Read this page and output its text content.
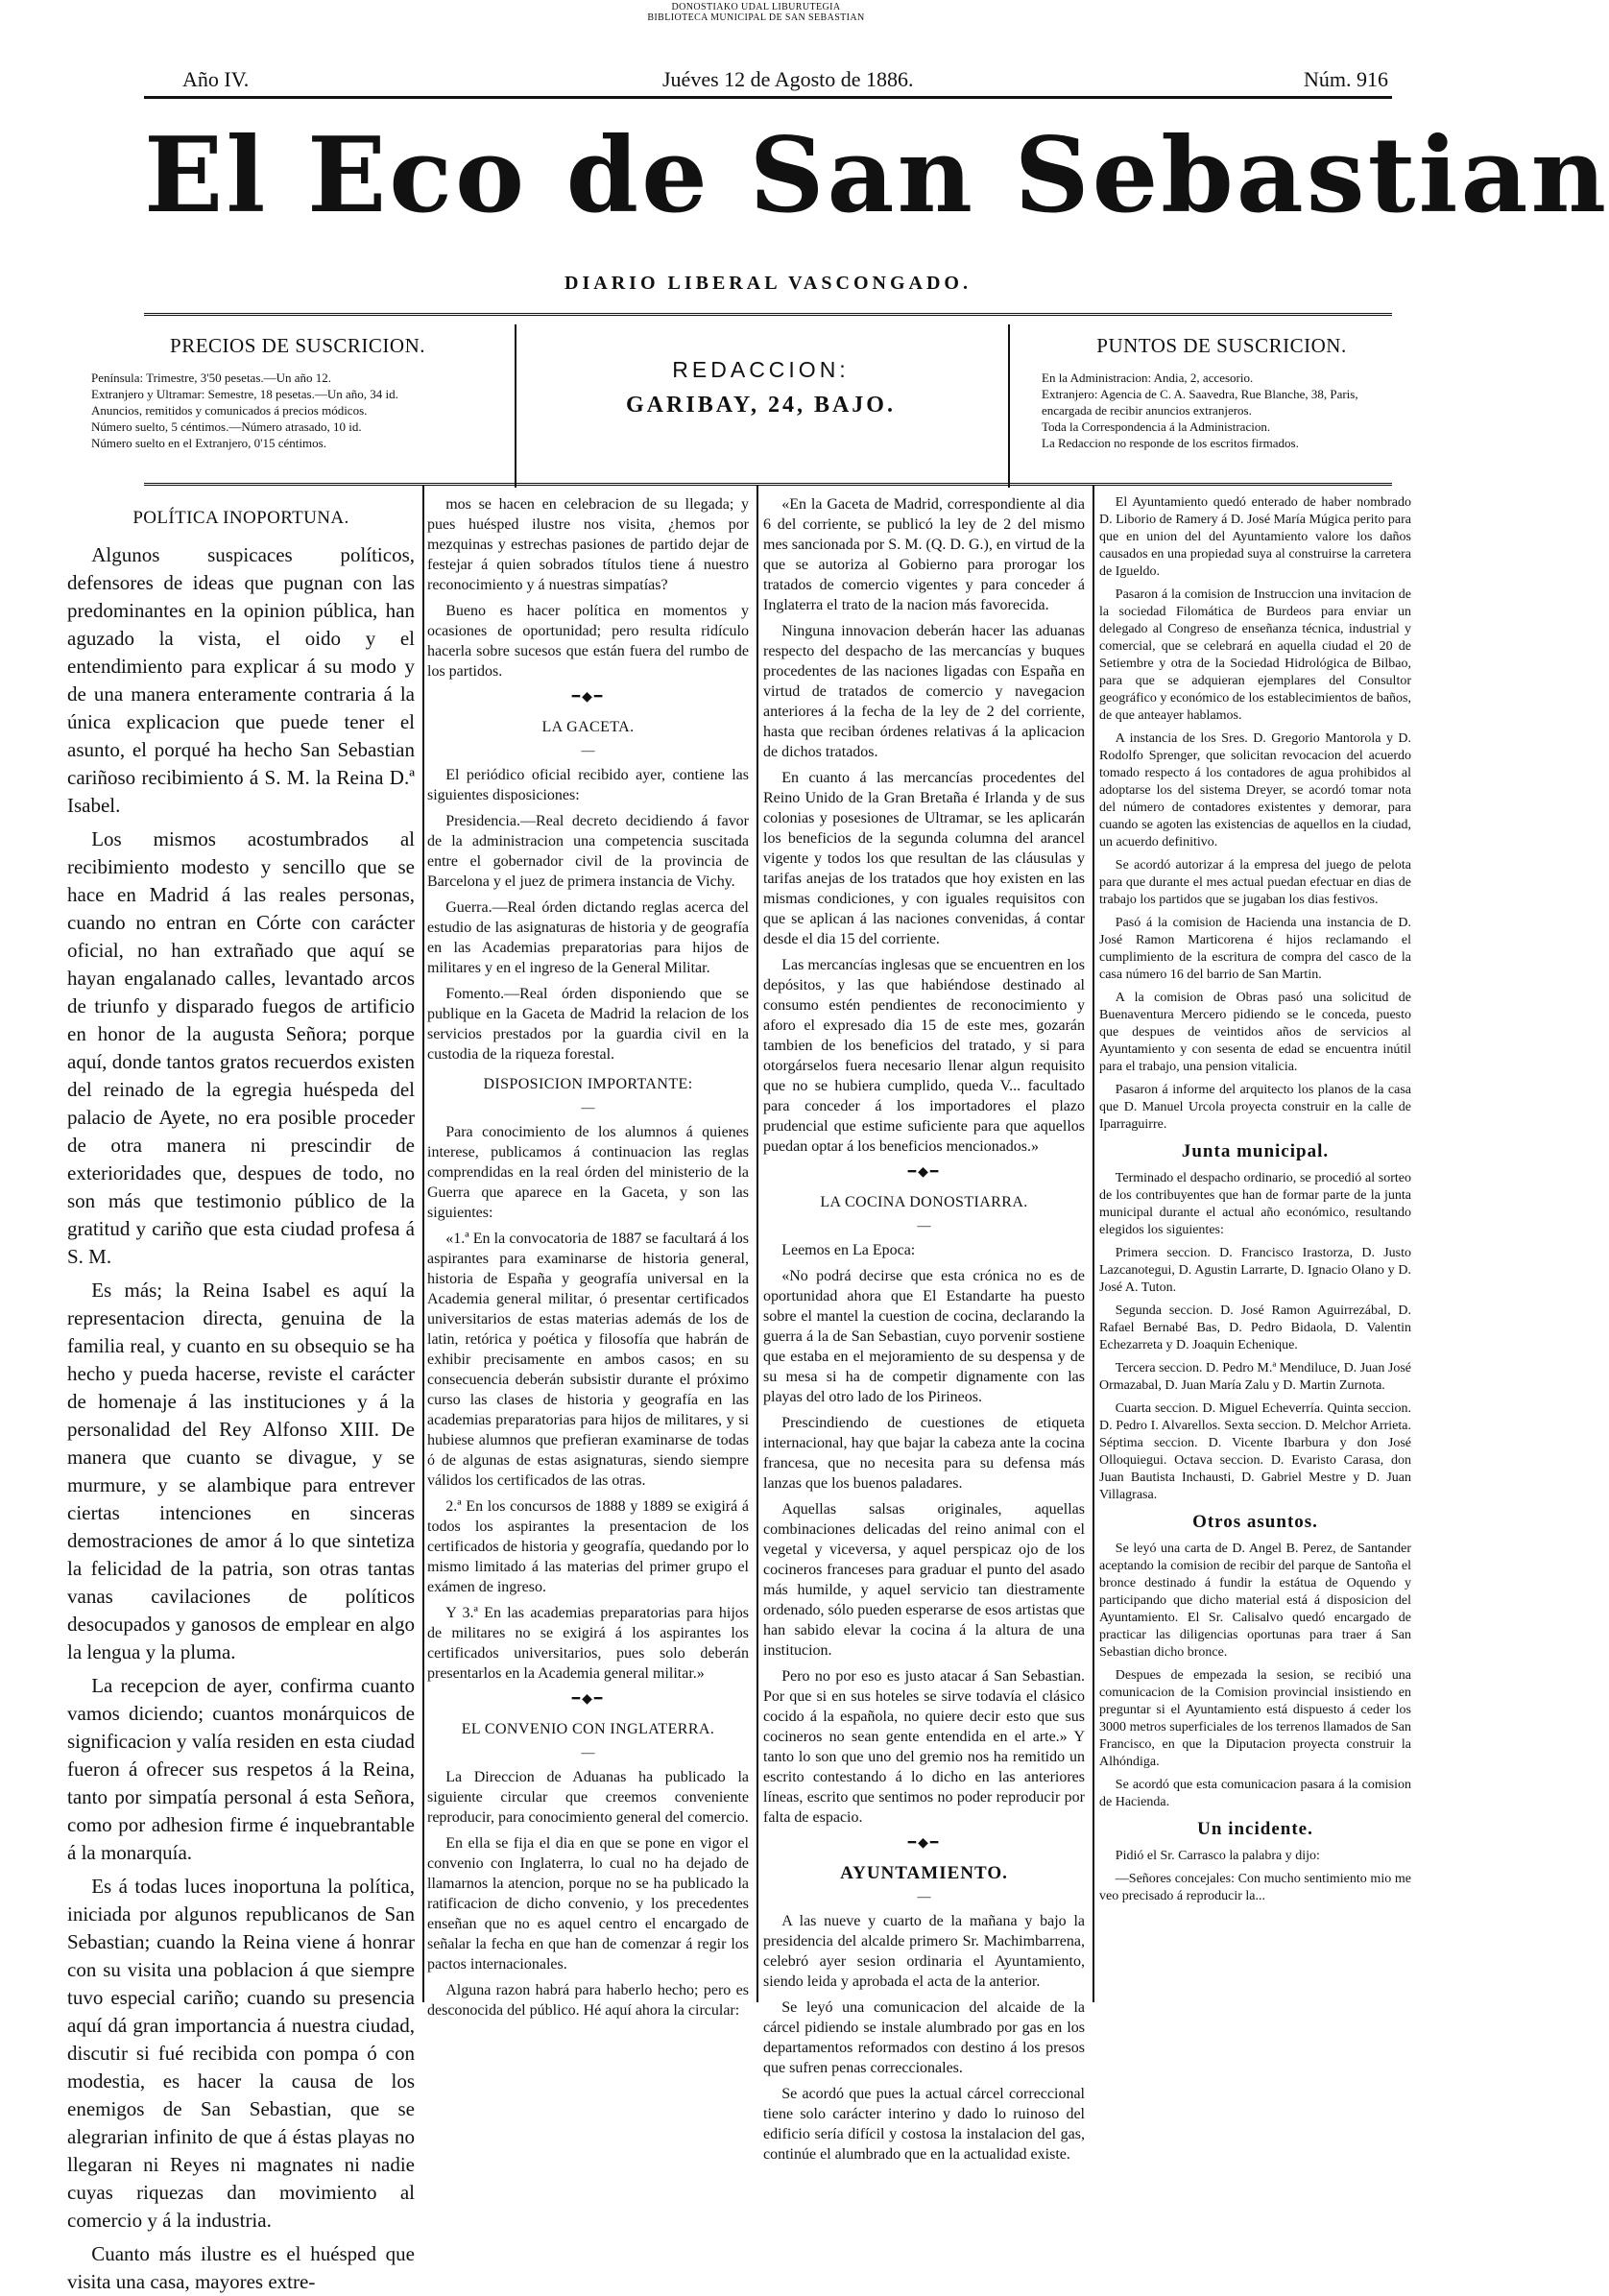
DONOSTIAKO UDAL LIBURUTEGIA
BIBLIOTECA MUNICIPAL DE SAN SEBASTIAN
Año IV.	Juéves 12 de Agosto de 1886.	Núm. 916
El Eco de San Sebastian
DIARIO LIBERAL VASCONGADO.
PRECIOS DE SUSCRICION.

Península: Trimestre, 3'50 pesetas.—Un año 12.

Extranjero y Ultramar: Semestre, 18 pesetas.—Un año, 34 id.

Anuncios, remitidos y comunicados á precios módicos.

Número suelto, 5 céntimos.—Número atrasado, 10 id.

Número suelto en el Extranjero, 0'15 céntimos.

REDACCION:
GARIBAY, 24, BAJO.
PUNTOS DE SUSCRICION.

En la Administracion: Andia, 2, accesorio.

Extranjero: Agencia de C. A. Saavedra, Rue Blanche, 38, Paris, encargada de recibir anuncios extranjeros.

Toda la Correspondencia á la Administracion.

La Redaccion no responde de los escritos firmados.

POLÍTICA INOPORTUNA.

Algunos suspicaces políticos, defensores de ideas que pugnan con las predominantes en la opinion pública, han aguzado la vista, el oido y el entendimiento para explicar á su modo y de una manera enteramente contraria á la única explicacion que puede tener el asunto, el porqué ha hecho San Sebastian cariñoso recibimiento á S. M. la Reina D.ª Isabel.

Los mismos acostumbrados al recibimiento modesto y sencillo que se hace en Madrid á las reales personas, cuando no entran en Córte con carácter oficial, no han extrañado que aquí se hayan engalanado calles, levantado arcos de triunfo y disparado fuegos de artificio en honor de la augusta Señora; porque aquí, donde tantos gratos recuerdos existen del reinado de la egregia huéspeda del palacio de Ayete, no era posible proceder de otra manera ni prescindir de exterioridades que, despues de todo, no son más que testimonio público de la gratitud y cariño que esta ciudad profesa á S. M.

Es más; la Reina Isabel es aquí la representacion directa, genuina de la familia real, y cuanto en su obsequio se ha hecho y pueda hacerse, reviste el carácter de homenaje á las instituciones y á la personalidad del Rey Alfonso XIII. De manera que cuanto se divague, y se murmure, y se alambique para entrever ciertas intenciones en sinceras demostraciones de amor á lo que sintetiza la felicidad de la patria, son otras tantas vanas cavilaciones de políticos desocupados y ganosos de emplear en algo la lengua y la pluma.

La recepcion de ayer, confirma cuanto vamos diciendo; cuantos monárquicos de significacion y valía residen en esta ciudad fueron á ofrecer sus respetos á la Reina, tanto por simpatía personal á esta Señora, como por adhesion firme é inquebrantable á la monarquía.

Es á todas luces inoportuna la política, iniciada por algunos republicanos de San Sebastian; cuando la Reina viene á honrar con su visita una poblacion á que siempre tuvo especial cariño; cuando su presencia aquí dá gran importancia á nuestra ciudad, discutir si fué recibida con pompa ó con modestia, es hacer la causa de los enemigos de San Sebastian, que se alegrarian infinito de que á éstas playas no llegaran ni Reyes ni magnates ni nadie cuyas riquezas dan movimiento al comercio y á la industria.

Cuanto más ilustre es el huésped que visita una casa, mayores extre-

mos se hacen en celebracion de su llegada; y pues huésped ilustre nos visita, ¿hemos por mezquinas y estrechas pasiones de partido dejar de festejar á quien sobrados títulos tiene á nuestro reconocimiento y á nuestras simpatías?

Bueno es hacer política en momentos y ocasiones de oportunidad; pero resulta ridículo hacerla sobre sucesos que están fuera del rumbo de los partidos.

━◆━
LA GACETA.
—

El periódico oficial recibido ayer, contiene las siguientes disposiciones:

Presidencia.—Real decreto decidiendo á favor de la administracion una competencia suscitada entre el gobernador civil de la provincia de Barcelona y el juez de primera instancia de Vichy.

Guerra.—Real órden dictando reglas acerca del estudio de las asignaturas de historia y de geografía en las Academias preparatorias para hijos de militares y en el ingreso de la General Militar.

Fomento.—Real órden disponiendo que se publique en la Gaceta de Madrid la relacion de los servicios prestados por la guardia civil en la custodia de la riqueza forestal.

DISPOSICION IMPORTANTE:
—

Para conocimiento de los alumnos á quienes interese, publicamos á continuacion las reglas comprendidas en la real órden del ministerio de la Guerra que aparece en la Gaceta, y son las siguientes:

«1.ª En la convocatoria de 1887 se facultará á los aspirantes para examinarse de historia general, historia de España y geografía universal en la Academia general militar, ó presentar certificados universitarios de estas materias además de los de latin, retórica y poética y filosofía que habrán de exhibir precisamente en ambos casos; en su consecuencia deberán subsistir durante el próximo curso las clases de historia y geografía en las academias preparatorias para hijos de militares, y si hubiese alumnos que prefieran examinarse de todas ó de algunas de estas asignaturas, siendo siempre válidos los certificados de las otras.

2.ª En los concursos de 1888 y 1889 se exigirá á todos los aspirantes la presentacion de los certificados de historia y geografía, quedando por lo mismo limitado á las materias del primer grupo el exámen de ingreso.

Y 3.ª En las academias preparatorias para hijos de militares no se exigirá á los aspirantes los certificados universitarios, pues solo deberán presentarlos en la Academia general militar.»

━◆━
EL CONVENIO CON INGLATERRA.
—

La Direccion de Aduanas ha publicado la siguiente circular que creemos conveniente reproducir, para conocimiento general del comercio.

En ella se fija el dia en que se pone en vigor el convenio con Inglaterra, lo cual no ha dejado de llamarnos la atencion, porque no se ha publicado la ratificacion de dicho convenio, y los precedentes enseñan que no es aquel centro el encargado de señalar la fecha en que han de comenzar á regir los pactos internacionales.

Alguna razon habrá para haberlo hecho; pero es desconocida del público. Hé aquí ahora la circular:

«En la Gaceta de Madrid, correspondiente al dia 6 del corriente, se publicó la ley de 2 del mismo mes sancionada por S. M. (Q. D. G.), en virtud de la que se autoriza al Gobierno para prorogar los tratados de comercio vigentes y para conceder á Inglaterra el trato de la nacion más favorecida.

Ninguna innovacion deberán hacer las aduanas respecto del despacho de las mercancías y buques procedentes de las naciones ligadas con España en virtud de tratados de comercio y navegacion anteriores á la fecha de la ley de 2 del corriente, hasta que reciban órdenes relativas á la aplicacion de dichos tratados.

En cuanto á las mercancías procedentes del Reino Unido de la Gran Bretaña é Irlanda y de sus colonias y posesiones de Ultramar, se les aplicarán los beneficios de la segunda columna del arancel vigente y todos los que resultan de las cláusulas y tarifas anejas de los tratados que hoy existen en las mismas condiciones, y con iguales requisitos con que se aplican á las naciones convenidas, á contar desde el dia 15 del corriente.

Las mercancías inglesas que se encuentren en los depósitos, y las que habiéndose destinado al consumo estén pendientes de reconocimiento y aforo el expresado dia 15 de este mes, gozarán tambien de los beneficios del tratado, y si para otorgárselos fuera necesario llenar algun requisito que no se hubiera cumplido, queda V... facultado para conceder á los importadores el plazo prudencial que estime suficiente para que aquellos puedan optar á los beneficios mencionados.»

━◆━
LA COCINA DONOSTIARRA.
—

Leemos en La Epoca:

«No podrá decirse que esta crónica no es de oportunidad ahora que El Estandarte ha puesto sobre el mantel la cuestion de cocina, declarando la guerra á la de San Sebastian, cuyo porvenir sostiene que estaba en el mejoramiento de su despensa y de su mesa si ha de competir dignamente con las playas del otro lado de los Pirineos.

Prescindiendo de cuestiones de etiqueta internacional, hay que bajar la cabeza ante la cocina francesa, que no necesita para su defensa más lanzas que los buenos paladares.

Aquellas salsas originales, aquellas combinaciones delicadas del reino animal con el vegetal y viceversa, y aquel perspicaz ojo de los cocineros franceses para graduar el punto del asado más humilde, y aquel servicio tan diestramente ordenado, sólo pueden esperarse de esos artistas que han sabido elevar la cocina á la altura de una institucion.

Pero no por eso es justo atacar á San Sebastian. Por que si en sus hoteles se sirve todavía el clásico cocido á la española, no quiere decir esto que sus cocineros no sean gente entendida en el arte.» Y tanto lo son que uno del gremio nos ha remitido un escrito contestando á lo dicho en las anteriores líneas, escrito que sentimos no poder reproducir por falta de espacio.

━◆━
AYUNTAMIENTO.
—

A las nueve y cuarto de la mañana y bajo la presidencia del alcalde primero Sr. Machimbarrena, celebró ayer sesion ordinaria el Ayuntamiento, siendo leida y aprobada el acta de la anterior.

Se leyó una comunicacion del alcaide de la cárcel pidiendo se instale alumbrado por gas en los departamentos reformados con destino á los presos que sufren penas correccionales.

Se acordó que pues la actual cárcel correccional tiene solo carácter interino y dado lo ruinoso del edificio sería difícil y costosa la instalacion del gas, continúe el alumbrado que en la actualidad existe.

El Ayuntamiento quedó enterado de haber nombrado D. Liborio de Ramery á D. José María Múgica perito para que en union del del Ayuntamiento valore los daños causados en una propiedad suya al construirse la carretera de Igueldo.

Pasaron á la comision de Instruccion una invitacion de la sociedad Filomática de Burdeos para enviar un delegado al Congreso de enseñanza técnica, industrial y comercial, que se celebrará en aquella ciudad el 20 de Setiembre y otra de la Sociedad Hidrológica de Bilbao, para que se adquieran ejemplares del Consultor geográfico y económico de los establecimientos de baños, de que anteayer hablamos.

A instancia de los Sres. D. Gregorio Mantorola y D. Rodolfo Sprenger, que solicitan revocacion del acuerdo tomado respecto á los contadores de agua prohibidos al adoptarse los del sistema Dreyer, se acordó tomar nota del número de contadores existentes y demorar, para cuando se agoten las existencias de aquellos en la ciudad, un acuerdo definitivo.

Se acordó autorizar á la empresa del juego de pelota para que durante el mes actual puedan efectuar en dias de trabajo los partidos que se jugaban los dias festivos.

Pasó á la comision de Hacienda una instancia de D. José Ramon Marticorena é hijos reclamando el cumplimiento de la escritura de compra del casco de la casa número 16 del barrio de San Martin.

A la comision de Obras pasó una solicitud de Buenaventura Mercero pidiendo se le conceda, puesto que despues de veintidos años de servicios al Ayuntamiento y con sesenta de edad se encuentra inútil para el trabajo, una pension vitalicia.

Pasaron á informe del arquitecto los planos de la casa que D. Manuel Urcola proyecta construir en la calle de Iparraguirre.

Junta municipal.

Terminado el despacho ordinario, se procedió al sorteo de los contribuyentes que han de formar parte de la junta municipal durante el actual año económico, resultando elegidos los siguientes:

Primera seccion. D. Francisco Irastorza, D. Justo Lazcanotegui, D. Agustin Larrarte, D. Ignacio Olano y D. José A. Tuton.

Segunda seccion. D. José Ramon Aguirrezábal, D. Rafael Bernabé Bas, D. Pedro Bidaola, D. Valentin Echezarreta y D. Joaquin Echenique.

Tercera seccion. D. Pedro M.ª Mendiluce, D. Juan José Ormazabal, D. Juan María Zalu y D. Martin Zurnota.

Cuarta seccion. D. Miguel Echeverría. Quinta seccion. D. Pedro I. Alvarellos. Sexta seccion. D. Melchor Arrieta. Séptima seccion. D. Vicente Ibarbura y don José Olloquiegui. Octava seccion. D. Evaristo Carasa, don Juan Bautista Inchausti, D. Gabriel Mestre y D. Juan Villagrasa.

Otros asuntos.

Se leyó una carta de D. Angel B. Perez, de Santander aceptando la comision de recibir del parque de Santoña el bronce destinado á fundir la estátua de Oquendo y participando que dicho material está á disposicion del Ayuntamiento. El Sr. Calisalvo quedó encargado de practicar las diligencias oportunas para traer á San Sebastian dicho bronce.

Despues de empezada la sesion, se recibió una comunicacion de la Comision provincial insistiendo en preguntar si el Ayuntamiento está dispuesto á ceder los 3000 metros superficiales de los terrenos llamados de San Francisco, en que la Diputacion proyecta construir la Alhóndiga.

Se acordó que esta comunicacion pasara á la comision de Hacienda.

Un incidente.

Pidió el Sr. Carrasco la palabra y dijo:

—Señores concejales: Con mucho sentimiento mio me veo precisado á reproducir la...
